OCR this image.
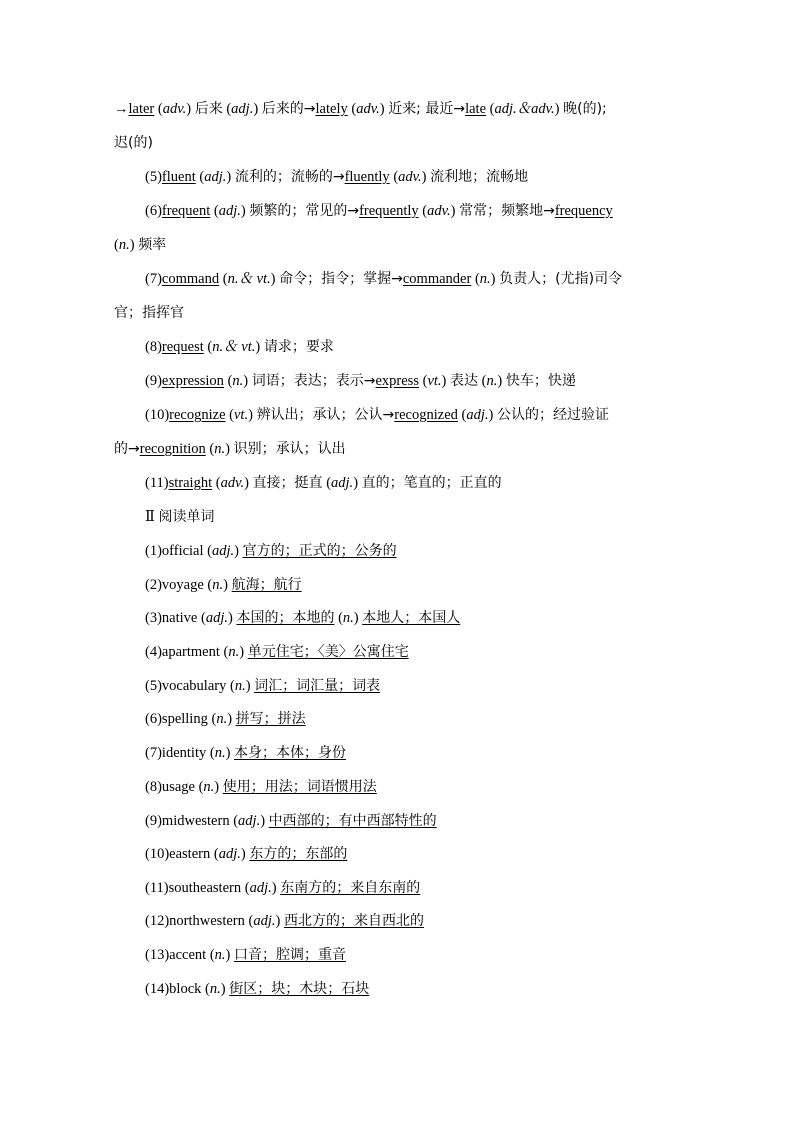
→later (adv.) 后来 (adj.) 后来的→lately (adv.) 近来; 最近→late (adj.＆adv.) 晚(的);
迟(的)
(5)fluent (adj.) 流利的；流畅的→fluently (adv.) 流利地；流畅地
(6)frequent (adj.) 频繁的；常见的→frequently (adv.) 常常；频繁地→frequency
(n.) 频率
(7)command (n.＆ vt.) 命令；指令；掌握→commander (n.) 负责人；(尤指)司令
官；指挥官
(8)request (n.＆ vt.) 请求；要求
(9)expression (n.) 词语；表达；表示→express (vt.) 表达 (n.) 快车；快递
(10)recognize (vt.) 辨认出；承认；公认→recognized (adj.) 公认的；经过验证
的→recognition (n.) 识别；承认；认出
(11)straight (adv.) 直接；挺直 (adj.) 直的；笔直的；正直的
Ⅱ 阅读单词
(1)official (adj.) 官方的；正式的；公务的
(2)voyage (n.) 航海；航行
(3)native (adj.) 本国的；本地的 (n.) 本地人；本国人
(4)apartment (n.) 单元住宅；〈美〉公寓住宅
(5)vocabulary (n.) 词汇；词汇量；词表
(6)spelling (n.) 拼写；拼法
(7)identity (n.) 本身；本体；身份
(8)usage (n.) 使用；用法；词语惯用法
(9)midwestern (adj.) 中西部的；有中西部特性的
(10)eastern (adj.) 东方的；东部的
(11)southeastern (adj.) 东南方的；来自东南的
(12)northwestern (adj.) 西北方的；来自西北的
(13)accent (n.) 口音；腔调；重音
(14)block (n.) 街区；块；木块；石块
